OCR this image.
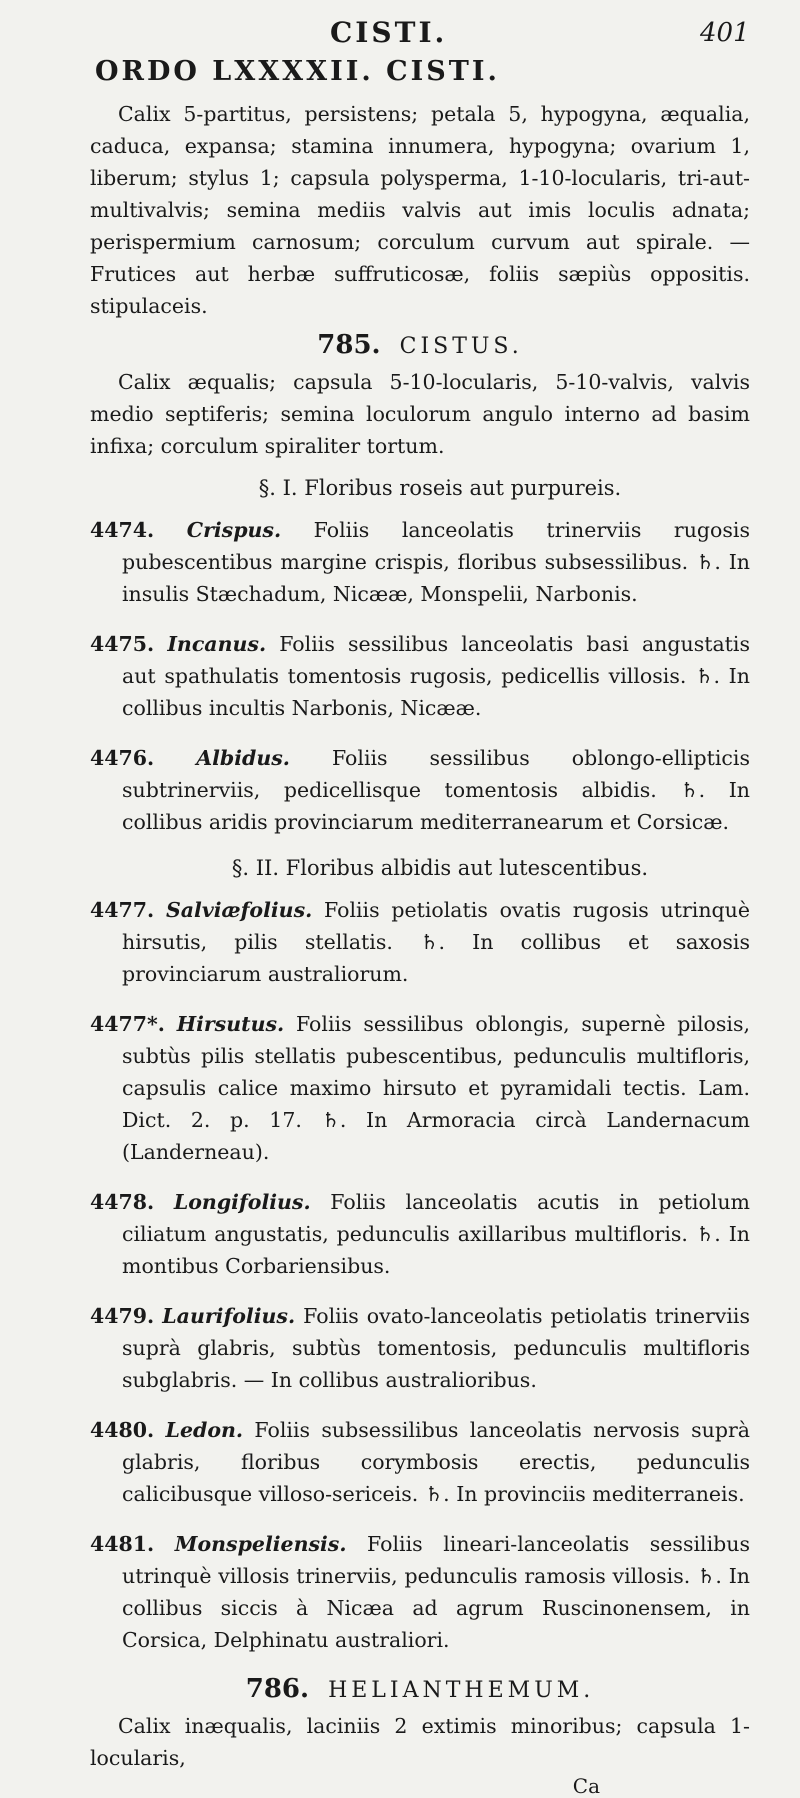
CISTI.	401
ORDO LXXXXII. CISTI.

Calix 5-partitus, persistens; petala 5, hypogyna, æqualia, caduca, expansa; stamina innumera, hypogyna; ovarium 1, liberum; stylus 1; capsula polysperma, 1-10-locularis, tri-aut-multivalvis; semina mediis valvis aut imis loculis adnata; perispermium carnosum; corculum curvum aut spirale. — Frutices aut herbæ suffruticosæ, foliis sæpiùs oppositis. stipulaceis.

785. CISTUS.

Calix æqualis; capsula 5-10-locularis, 5-10-valvis, valvis medio septiferis; semina loculorum angulo interno ad basim infixa; corculum spiraliter tortum.

§. I. Floribus roseis aut purpureis.
4474. Crispus. Foliis lanceolatis trinerviis rugosis pubescentibus margine crispis, floribus subsessilibus. ♄. In insulis Stæchadum, Nicææ, Monspelii, Narbonis.
4475. Incanus. Foliis sessilibus lanceolatis basi angustatis aut spathulatis tomentosis rugosis, pedicellis villosis. ♄. In collibus incultis Narbonis, Nicææ.
4476. Albidus. Foliis sessilibus oblongo-ellipticis subtrinerviis, pedicellisque tomentosis albidis. ♄. In collibus aridis provinciarum mediterranearum et Corsicæ.
§. II. Floribus albidis aut lutescentibus.
4477. Salviæfolius. Foliis petiolatis ovatis rugosis utrinquè hirsutis, pilis stellatis. ♄. In collibus et saxosis provinciarum australiorum.
4477*. Hirsutus. Foliis sessilibus oblongis, supernè pilosis, subtùs pilis stellatis pubescentibus, pedunculis multifloris, capsulis calice maximo hirsuto et pyramidali tectis. Lam. Dict. 2. p. 17. ♄. In Armoracia circà Landernacum (Landerneau).
4478. Longifolius. Foliis lanceolatis acutis in petiolum ciliatum angustatis, pedunculis axillaribus multifloris. ♄. In montibus Corbariensibus.
4479. Laurifolius. Foliis ovato-lanceolatis petiolatis trinerviis suprà glabris, subtùs tomentosis, pedunculis multifloris subglabris. — In collibus australioribus.
4480. Ledon. Foliis subsessilibus lanceolatis nervosis suprà glabris, floribus corymbosis erectis, pedunculis calicibusque villoso-sericeis. ♄. In provinciis mediterraneis.
4481. Monspeliensis. Foliis lineari-lanceolatis sessilibus utrinquè villosis trinerviis, pedunculis ramosis villosis. ♄. In collibus siccis à Nicæa ad agrum Ruscinonensem, in Corsica, Delphinatu australiori.
786. HELIANTHEMUM.

Calix inæqualis, laciniis 2 extimis minoribus; capsula 1-locularis,

Ca
